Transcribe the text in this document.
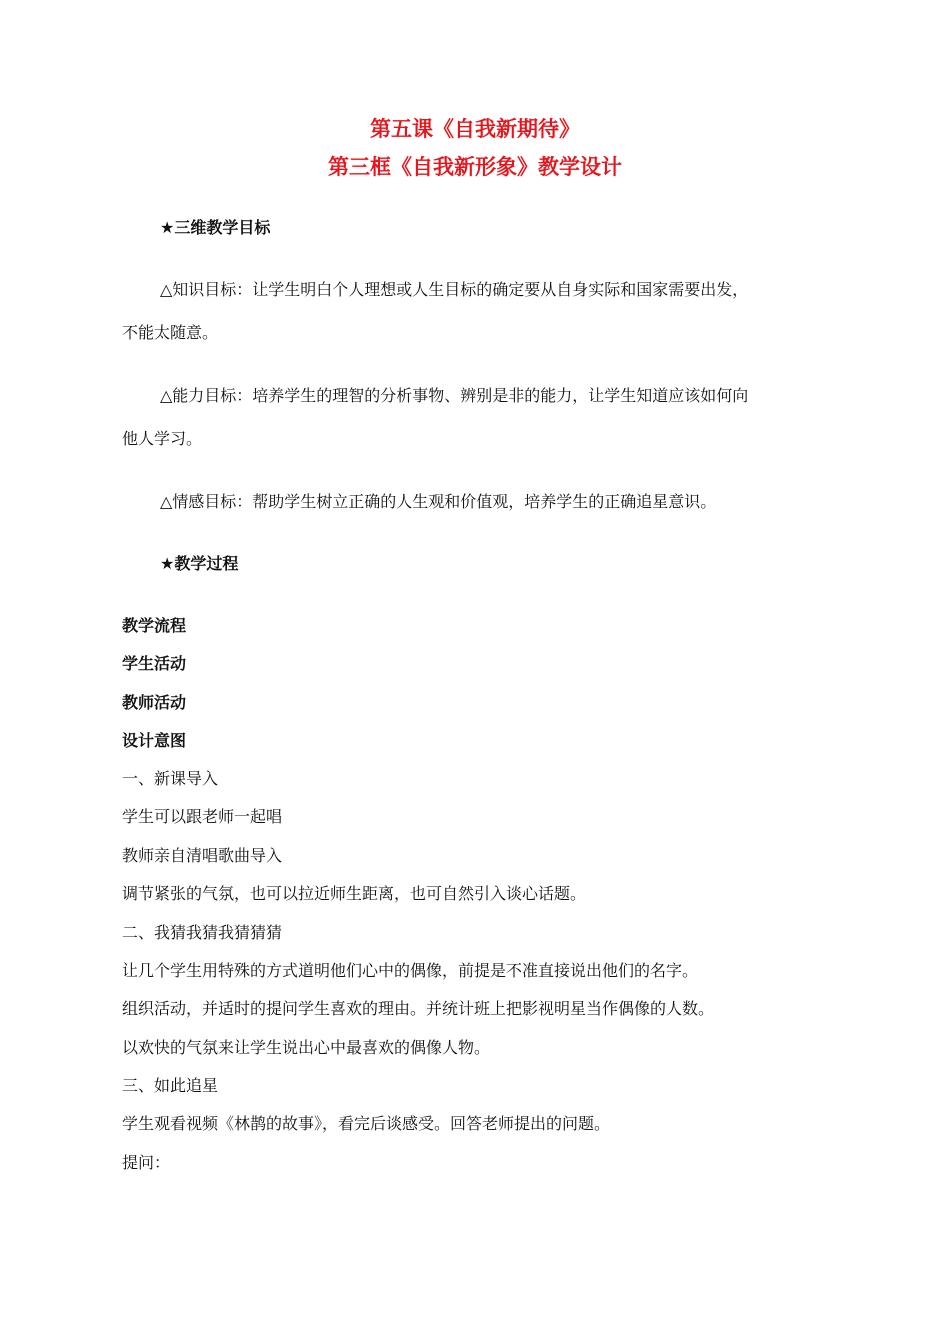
第五课《自我新期待》
第三框《自我新形象》教学设计
★三维教学目标
△知识目标：让学生明白个人理想或人生目标的确定要从自身实际和国家需要出发，
不能太随意。
△能力目标：培养学生的理智的分析事物、辨别是非的能力，让学生知道应该如何向
他人学习。
△情感目标：帮助学生树立正确的人生观和价值观，培养学生的正确追星意识。
★教学过程
教学流程
学生活动
教师活动
设计意图
一、新课导入
学生可以跟老师一起唱
教师亲自清唱歌曲导入
调节紧张的气氛，也可以拉近师生距离，也可自然引入谈心话题。
二、我猜我猜我猜猜猜
让几个学生用特殊的方式道明他们心中的偶像，前提是不准直接说出他们的名字。
组织活动，并适时的提问学生喜欢的理由。并统计班上把影视明星当作偶像的人数。
以欢快的气氛来让学生说出心中最喜欢的偶像人物。
三、如此追星
学生观看视频《林鹊的故事》，看完后谈感受。回答老师提出的问题。
提问：
